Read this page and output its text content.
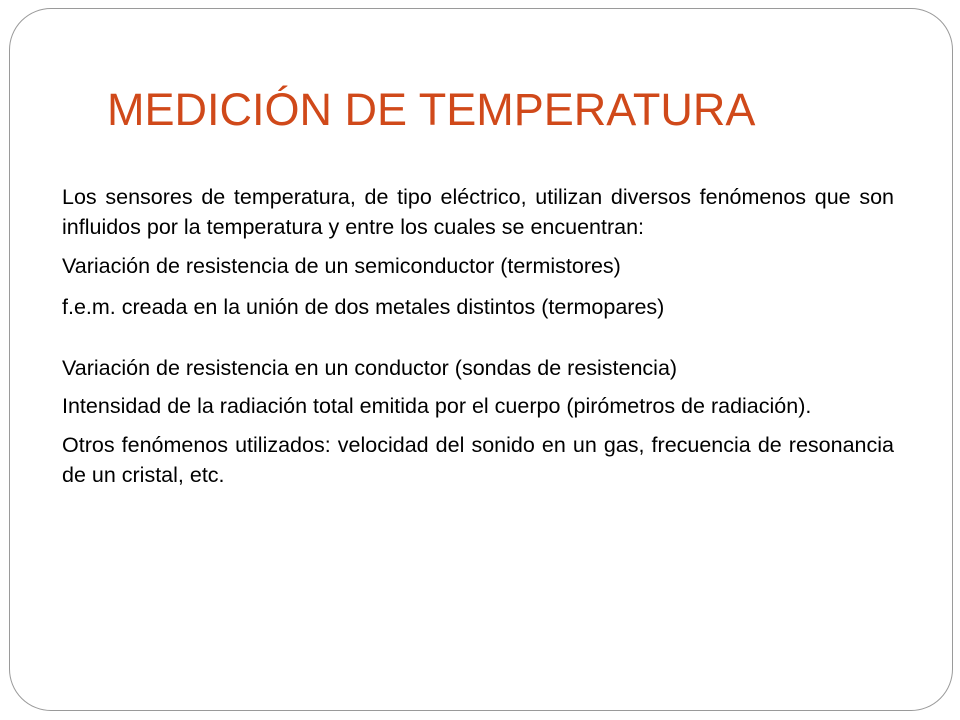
MEDICIÓN DE TEMPERATURA

Los sensores de temperatura, de tipo eléctrico, utilizan diversos fenómenos que son influidos por la temperatura y entre los cuales se encuentran:

Variación de resistencia de un semiconductor (termistores)

f.e.m. creada en la unión de dos metales distintos (termopares)

Variación de resistencia en un conductor (sondas de resistencia)

Intensidad de la radiación total emitida por el cuerpo (pirómetros de radiación).

Otros fenómenos utilizados: velocidad del sonido en un gas, frecuencia de resonancia de un cristal, etc.
